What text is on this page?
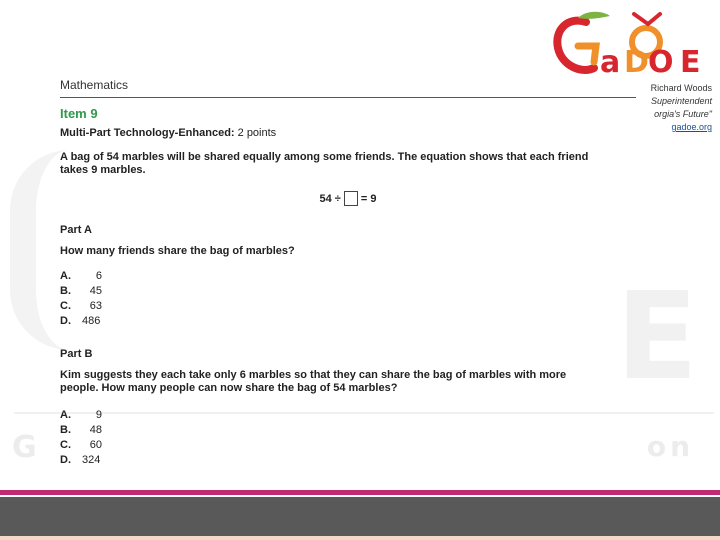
E
G	on
a D O E
Richard Woods
Superintendent
orgia's Future"
gadoe.org
Mathematics
Item 9
Multi-Part Technology-Enhanced: 2 points
A bag of 54 marbles will be shared equally among some friends. The equation shows that each friend
takes 9 marbles.
54 ÷ = 9
Part A
How many friends share the bag of marbles?
A.	6
B.	45
C.	63
D.	486
Part B
Kim suggests they each take only 6 marbles so that they can share the bag of marbles with more
people. How many people can now share the bag of 54 marbles?
A.	9
B.	48
C.	60
D.	324
